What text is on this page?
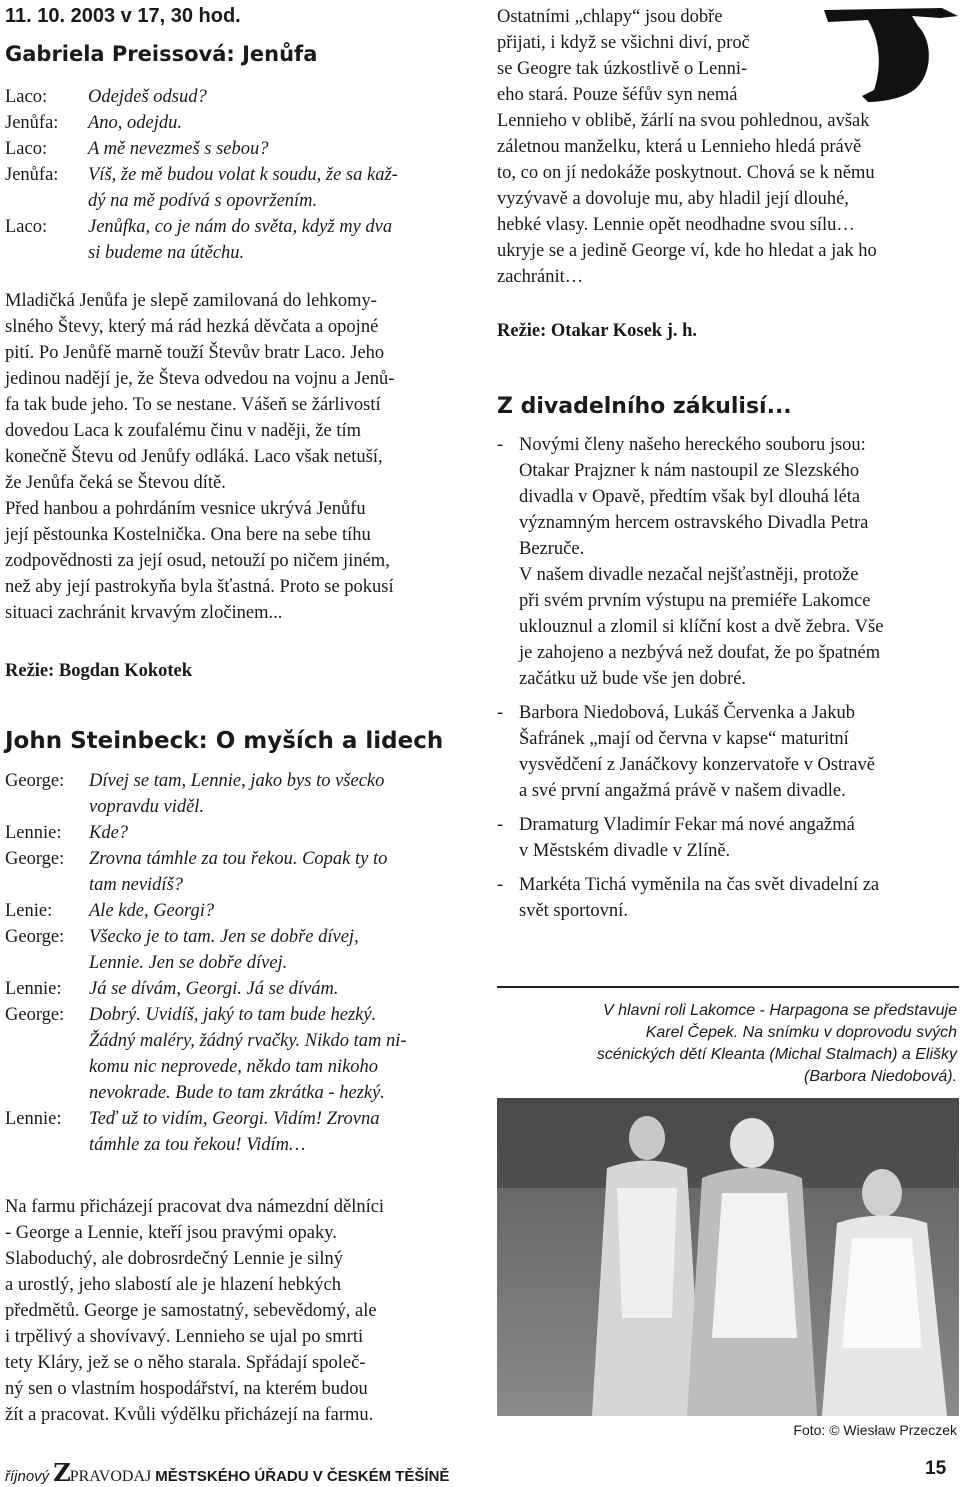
11. 10. 2003 v 17, 30 hod.
Gabriela Preissová: Jenůfa
Laco:	Odejdeš odsud?
Jenůfa:	Ano, odejdu.
Laco:	A mě nevezmeš s sebou?
Jenůfa:	Víš, že mě budou volat k soudu, že sa kaž-
dý na mě podívá s opovržením.
Laco:	Jenůfka, co je nám do světa, když my dva
si budeme na útěchu.
Mladičká Jenůfa je slepě zamilovaná do lehkomy-
slného Števy, který má rád hezká děvčata a opojné
pití. Po Jenůfě marně touží Števův bratr Laco. Jeho
jedinou nadějí je, že Števa odvedou na vojnu a Jenů-
fa tak bude jeho. To se nestane. Vášeň se žárlivostí
dovedou Laca k zoufalému činu v naději, že tím
konečně Števu od Jenůfy odláká. Laco však netuší,
že Jenůfa čeká se Števou dítě.
Před hanbou a pohrdáním vesnice ukrývá Jenůfu
její pěstounka Kostelnička. Ona bere na sebe tíhu
zodpovědnosti za její osud, netouží po ničem jiném,
než aby její pastrokyňa byla šťastná. Proto se pokusí
situaci zachránit krvavým zločinem...
Režie: Bogdan Kokotek
John Steinbeck: O myších a lidech
George:	Dívej se tam, Lennie, jako bys to všecko
vopravdu viděl.
Lennie:	Kde?
George:	Zrovna támhle za tou řekou. Copak ty to
tam nevidíš?
Lenie:	Ale kde, Georgi?
George:	Všecko je to tam. Jen se dobře dívej,
Lennie. Jen se dobře dívej.
Lennie:	Já se dívám, Georgi. Já se dívám.
George:	Dobrý. Uvidíš, jaký to tam bude hezký.
Žádný maléry, žádný rvačky. Nikdo tam ni-
komu nic neprovede, někdo tam nikoho
nevokrade. Bude to tam zkrátka - hezký.
Lennie:	Teď už to vidím, Georgi. Vidím! Zrovna
támhle za tou řekou! Vidím…
Na farmu přicházejí pracovat dva námezdní dělníci
- George a Lennie, kteří jsou pravými opaky.
Slaboduchý, ale dobrosrdečný Lennie je silný
a urostlý, jeho slabostí ale je hlazení hebkých
předmětů. George je samostatný, sebevědomý, ale
i trpělivý a shovívavý. Lennieho se ujal po smrti
tety Kláry, jež se o něho starala. Spřádají společ-
ný sen o vlastním hospodářství, na kterém budou
žít a pracovat. Kvůli výdělku přicházejí na farmu.
Ostatními „chlapy“ jsou dobře
přijati, i když se všichni diví, proč
se Geogre tak úzkostlivě o Lenni-
eho stará. Pouze šéfův syn nemá
Lennieho v oblibě, žárlí na svou pohlednou, avšak
záletnou manželku, která u Lennieho hledá právě
to, co on jí nedokáže poskytnout. Chová se k němu
vyzývavě a dovoluje mu, aby hladil její dlouhé,
hebké vlasy. Lennie opět neodhadne svou sílu…
ukryje se a jedině George ví, kde ho hledat a jak ho
zachránit…
Režie: Otakar Kosek j. h.
Z divadelního zákulisí...
- Novými členy našeho hereckého souboru jsou:

Otakar Prajzner k nám nastoupil ze Slezského
divadla v Opavě, předtím však byl dlouhá léta
významným hercem ostravského Divadla Petra
Bezruče.

V našem divadle nezačal nejšťastněji, protože
při svém prvním výstupu na premiéře Lakomce
uklouznul a zlomil si klíční kost a dvě žebra. Vše
je zahojeno a nezbývá než doufat, že po špatném
začátku už bude vše jen dobré.

- Barbora Niedobová, Lukáš Červenka a Jakub
Šafránek „mají od června v kapse“ maturitní
vysvědčení z Janáčkovy konzervatoře v Ostravě
a své první angažmá právě v našem divadle.

- Dramaturg Vladimír Fekar má nové angažmá
v Městském divadle v Zlíně.

- Markéta Tichá vyměnila na čas svět divadelní za
svět sportovní.

V hlavni roli Lakomce - Harpagona se představuje
Karel Čepek. Na snímku v doprovodu svých
scénických dětí Kleanta (Michal Stalmach) a Elišky
(Barbora Niedobová).
Foto: © Wiesław Przeczek
říjnový ZPRAVODAJ MĚSTSKÉHO ÚŘADU V ČESKÉM TĚŠÍNĚ	15
